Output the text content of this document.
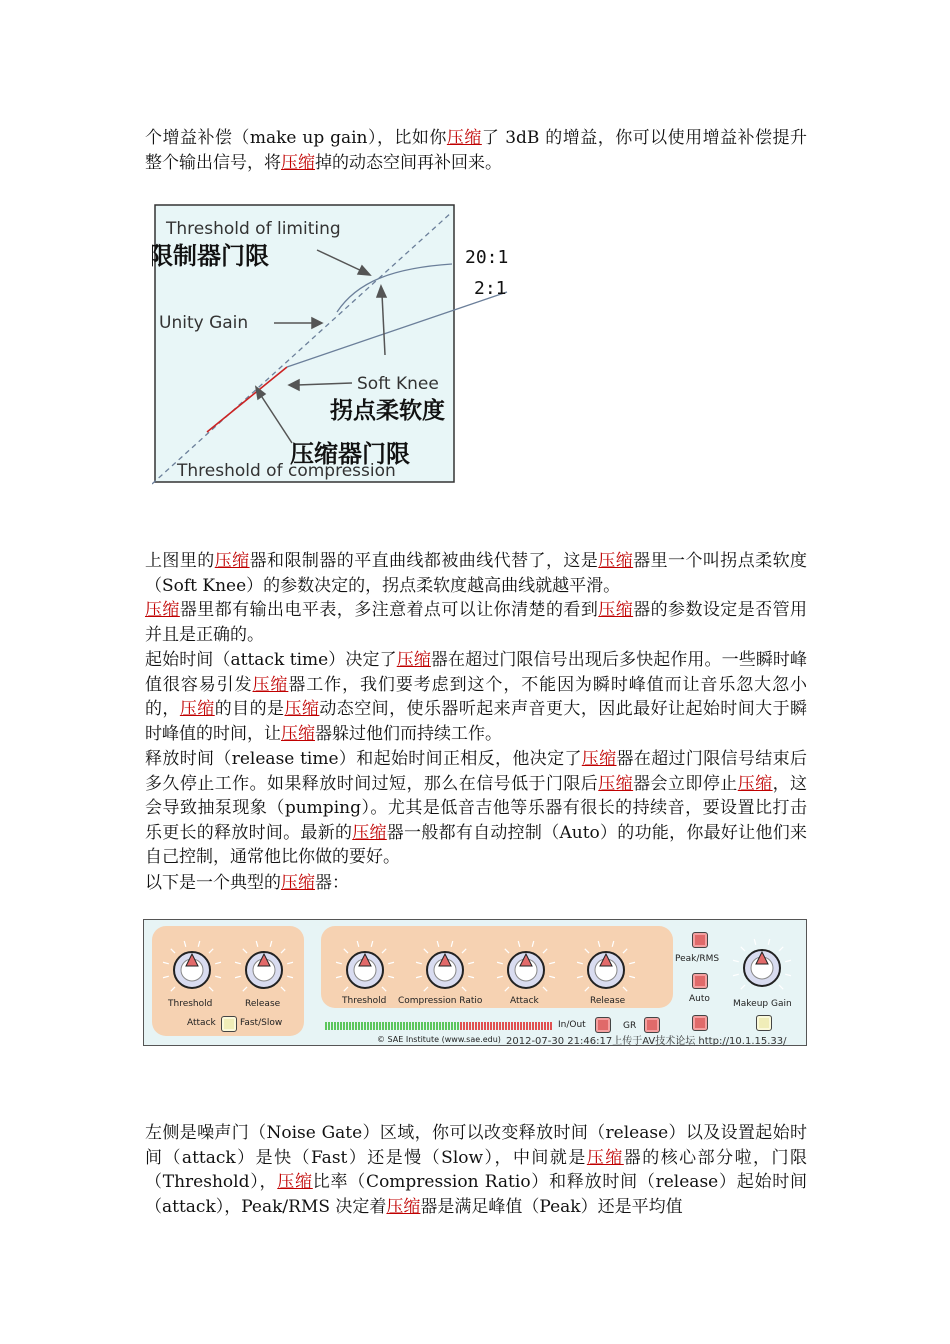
个增益补偿（make up gain），比如你压缩了 3dB 的增益，你可以使用增益补偿提升整个输出信号，将压缩掉的动态空间再补回来。

Threshold of limiting
限制器门限	20:1
2:1
Unity Gain
Soft Knee
拐点柔软度
压缩器门限
Threshold of compression

上图里的压缩器和限制器的平直曲线都被曲线代替了，这是压缩器里一个叫拐点柔软度（Soft Knee）的参数决定的，拐点柔软度越高曲线就越平滑。

压缩器里都有输出电平表，多注意着点可以让你清楚的看到压缩器的参数设定是否管用并且是正确的。

起始时间（attack time）决定了压缩器在超过门限信号出现后多快起作用。一些瞬时峰值很容易引发压缩器工作，我们要考虑到这个，不能因为瞬时峰值而让音乐忽大忽小的，压缩的目的是压缩动态空间，使乐器听起来声音更大，因此最好让起始时间大于瞬时峰值的时间，让压缩器躲过他们而持续工作。

释放时间（release time）和起始时间正相反，他决定了压缩器在超过门限信号结束后多久停止工作。如果释放时间过短，那么在信号低于门限后压缩器会立即停止压缩，这会导致抽泵现象（pumping）。尤其是低音吉他等乐器有很长的持续音，要设置比打击乐更长的释放时间。最新的压缩器一般都有自动控制（Auto）的功能，你最好让他们来自己控制，通常他比你做的要好。

以下是一个典型的压缩器：

Threshold	Release
Attack	Fast/Slow
Threshold Compression Ratio	Attack	Release
Peak/RMS
Auto	Makeup Gain
In/Out	GR
© SAE Institute (www.sae.edu) 2012-07-30 21:46:17上传于AV技术论坛 http://10.1.15.33/

左侧是噪声门（Noise Gate）区域，你可以改变释放时间（release）以及设置起始时间（attack）是快（Fast）还是慢（Slow），中间就是压缩器的核心部分啦，门限（Threshold），压缩比率（Compression Ratio）和释放时间（release）起始时间（attack），Peak/RMS 决定着压缩器是满足峰值（Peak）还是平均值
